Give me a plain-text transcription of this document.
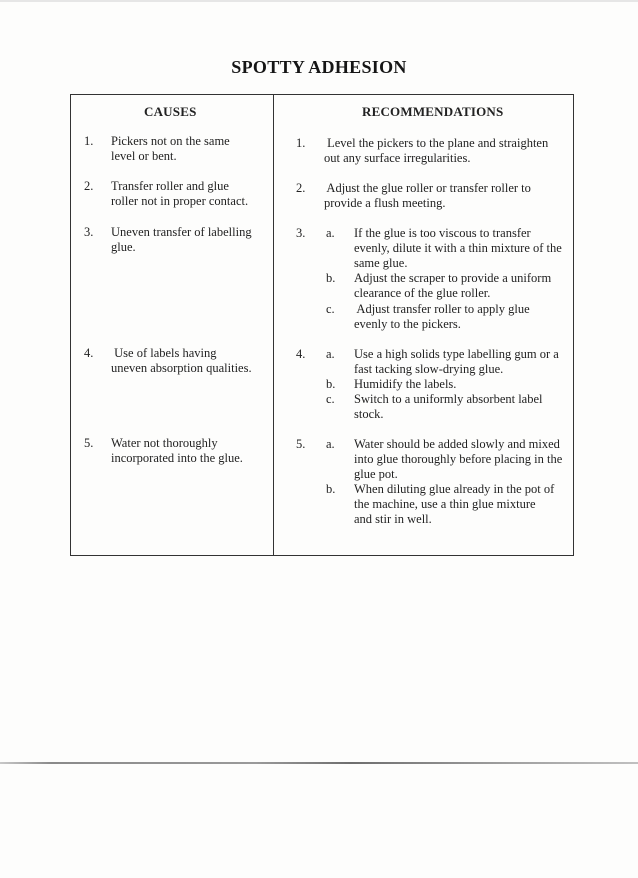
SPOTTY ADHESION
CAUSES	RECOMMENDATIONS
1. Pickers not on the same
level or bent.
2. Transfer roller and glue
roller not in proper contact.
3. Uneven transfer of labelling
glue.
4. Use of labels having
uneven absorption qualities.
5. Water not thoroughly
incorporated into the glue.
1. Level the pickers to the plane and straighten
out any surface irregularities.
2. Adjust the glue roller or transfer roller to
provide a flush meeting.
3. a. If the glue is too viscous to transfer
evenly, dilute it with a thin mixture of the
same glue.
b. Adjust the scraper to provide a uniform
clearance of the glue roller.
c. Adjust transfer roller to apply glue
evenly to the pickers.
4. a. Use a high solids type labelling gum or a
fast tacking slow-drying glue.
b. Humidify the labels.
c. Switch to a uniformly absorbent label
stock.
5. a. Water should be added slowly and mixed
into glue thoroughly before placing in the
glue pot.
b. When diluting glue already in the pot of
the machine, use a thin glue mixture
and stir in well.
